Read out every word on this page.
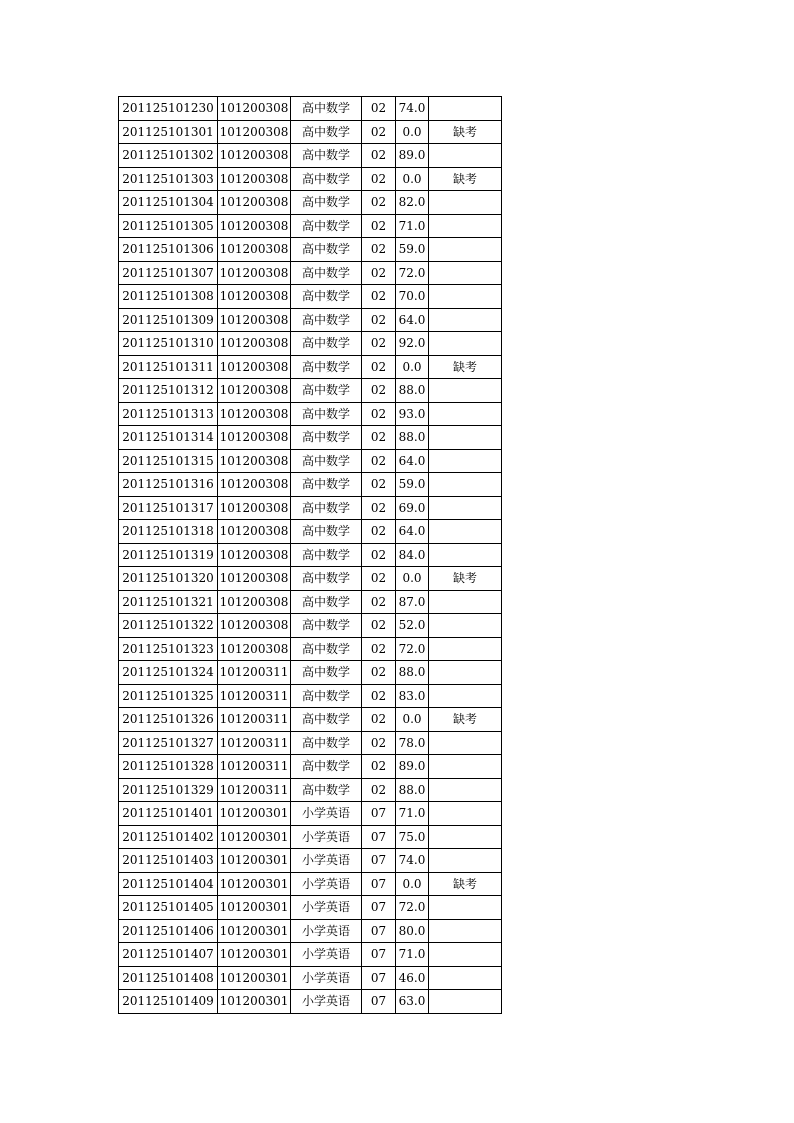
201125101230	101200308	高中数学	02	74.0	
201125101301	101200308	高中数学	02	0.0	缺考
201125101302	101200308	高中数学	02	89.0	
201125101303	101200308	高中数学	02	0.0	缺考
201125101304	101200308	高中数学	02	82.0	
201125101305	101200308	高中数学	02	71.0	
201125101306	101200308	高中数学	02	59.0	
201125101307	101200308	高中数学	02	72.0	
201125101308	101200308	高中数学	02	70.0	
201125101309	101200308	高中数学	02	64.0	
201125101310	101200308	高中数学	02	92.0	
201125101311	101200308	高中数学	02	0.0	缺考
201125101312	101200308	高中数学	02	88.0	
201125101313	101200308	高中数学	02	93.0	
201125101314	101200308	高中数学	02	88.0	
201125101315	101200308	高中数学	02	64.0	
201125101316	101200308	高中数学	02	59.0	
201125101317	101200308	高中数学	02	69.0	
201125101318	101200308	高中数学	02	64.0	
201125101319	101200308	高中数学	02	84.0	
201125101320	101200308	高中数学	02	0.0	缺考
201125101321	101200308	高中数学	02	87.0	
201125101322	101200308	高中数学	02	52.0	
201125101323	101200308	高中数学	02	72.0	
201125101324	101200311	高中数学	02	88.0	
201125101325	101200311	高中数学	02	83.0	
201125101326	101200311	高中数学	02	0.0	缺考
201125101327	101200311	高中数学	02	78.0	
201125101328	101200311	高中数学	02	89.0	
201125101329	101200311	高中数学	02	88.0	
201125101401	101200301	小学英语	07	71.0	
201125101402	101200301	小学英语	07	75.0	
201125101403	101200301	小学英语	07	74.0	
201125101404	101200301	小学英语	07	0.0	缺考
201125101405	101200301	小学英语	07	72.0	
201125101406	101200301	小学英语	07	80.0	
201125101407	101200301	小学英语	07	71.0	
201125101408	101200301	小学英语	07	46.0	
201125101409	101200301	小学英语	07	63.0	
